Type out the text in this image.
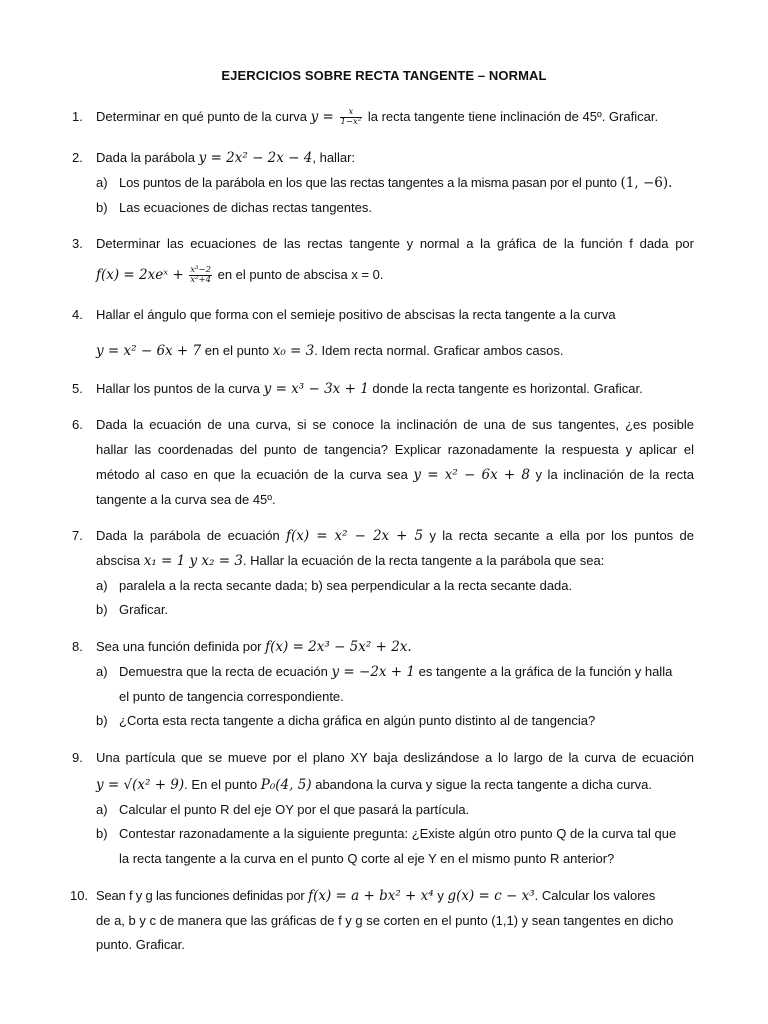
EJERCICIOS SOBRE RECTA TANGENTE – NORMAL
1. Determinar en qué punto de la curva $y = \frac{x}{\text{1−x²}}$ la recta tangente tiene inclinación de 45º. Graficar.
2. Dada la parábola y = 2x² − 2x − 4, hallar:
a) Los puntos de la parábola en los que las rectas tangentes a la misma pasan por el punto (1, −6).
b) Las ecuaciones de dichas rectas tangentes.
3. Determinar las ecuaciones de las rectas tangente y normal a la gráfica de la función f dada por
f(x) = 2xeˣ + $\frac{\text{x³−2}}{\text{x²+4}}$ en el punto de abscisa x = 0.
4. Hallar el ángulo que forma con el semieje positivo de abscisas la recta tangente a la curva
y = x² − 6x + 7 en el punto x₀ = 3. Idem recta normal. Graficar ambos casos.
5. Hallar los puntos de la curva y = x³ − 3x + 1 donde la recta tangente es horizontal. Graficar.
6. Dada la ecuación de una curva, si se conoce la inclinación de una de sus tangentes, ¿es posible
hallar las coordenadas del punto de tangencia? Explicar razonadamente la respuesta y aplicar el
método al caso en que la ecuación de la curva sea y = x² − 6x + 8 y la inclinación de la recta
tangente a la curva sea de 45º.
7. Dada la parábola de ecuación f(x) = x² − 2x + 5 y la recta secante a ella por los puntos de
abscisa x₁ = 1 y x₂ = 3. Hallar la ecuación de la recta tangente a la parábola que sea:
a) paralela a la recta secante dada; b) sea perpendicular a la recta secante dada.
b) Graficar.
8. Sea una función definida por f(x) = 2x³ − 5x² + 2x.
a) Demuestra que la recta de ecuación y = −2x + 1 es tangente a la gráfica de la función y halla
el punto de tangencia correspondiente.
b) ¿Corta esta recta tangente a dicha gráfica en algún punto distinto al de tangencia?
9. Una partícula que se mueve por el plano XY baja deslizándose a lo largo de la curva de ecuación
y = √(x² + 9). En el punto P₀(4, 5) abandona la curva y sigue la recta tangente a dicha curva.
a) Calcular el punto R del eje OY por el que pasará la partícula.
b) Contestar razonadamente a la siguiente pregunta: ¿Existe algún otro punto Q de la curva tal que
la recta tangente a la curva en el punto Q corte al eje Y en el mismo punto R anterior?
10. Sean f y g las funciones definidas por f(x) = a + bx² + x⁴ y g(x) = c − x³. Calcular los valores
de a, b y c de manera que las gráficas de f y g se corten en el punto (1,1) y sean tangentes en dicho
punto. Graficar.
